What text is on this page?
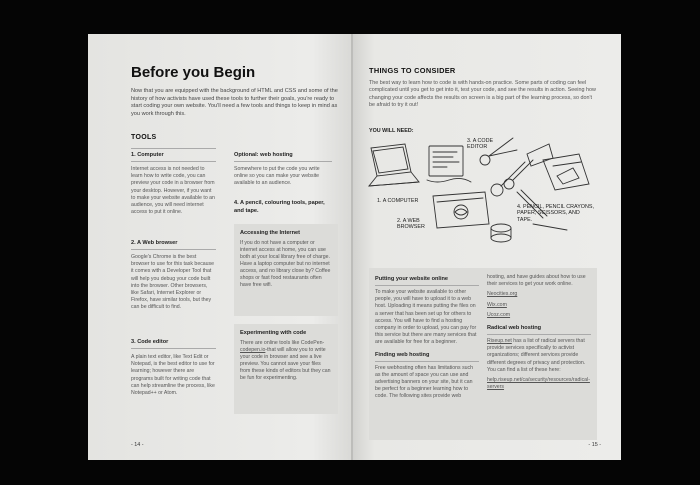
Before you Begin
Now that you are equipped with the background of HTML and CSS and some of the history of how activists have used these tools to further their goals, you're ready to start coding your own website. You'll need a few tools and things to keep in mind as you work through this.
TOOLS
1. Computer
Internet access is not needed to learn how to write code, you can preview your code in a browser from your desktop. However, if you want to make your website available to an audience, you will need internet access to put it online.
2. A Web browser
Google's Chrome is the best browser to use for this task because it comes with a Developer Tool that will help you debug your code built into the browser. Other browsers, like Safari, Internet Explorer or Firefox, have similar tools, but they can be difficult to find.
3. Code editor
A plain text editor, like Text Edit or Notepad, is the best editor to use for learning; however there are programs built for writing code that can help streamline the process, like Notepad++ or Atom.
Optional: web hosting
Somewhere to put the code you write online so you can make your website available to an audience.
4. A pencil, colouring tools, paper, and tape.
Accessing the Internet
If you do not have a computer or internet access at home, you can use both at your local library free of charge. Have a laptop computer but no internet access, and no library close by? Coffee shops or fast food restaurants often have free wifi.
Experimenting with code
There are online tools like CodePen-codepen.io-that will allow you to write your code in browser and see a live preview. You cannot save your files from these kinds of editors but they can be fun for experimenting.
- 14 -
THINGS TO CONSIDER
The best way to learn how to code is with hands-on practice. Some parts of coding can feel complicated until you get to get into it, test your code, and see the results in action. Seeing how changing your code affects the results on screen is a big part of the learning process, so don't be afraid to try it out!
YOU WILL NEED:
1. A COMPUTER
2. A WEB BROWSER
3. A CODE EDITOR
4. PENCIL, PENCIL CRAYONS, PAPER, SCISSORS, AND TAPE.
Putting your website online
To make your website available to other people, you will have to upload it to a web host. Uploading it means putting the files on a server that has been set up for others to access. You will have to find a hosting company in order to upload, you can pay for this service but there are many services that are available for free for a beginner.
Finding web hosting
Free webhosting often has limitations such as the amount of space you can use and advertising banners on your site, but it can be perfect for a beginner learning how to code. The following sites provide web
hosting, and have guides about how to use their services to get your work online.
Neocities.org
Wix.com
Ucoz.com
Radical web hosting
Riseup.net has a list of radical servers that provide services specifically to activist organizations; different services provide different degrees of privacy and protection. You can find a list of these here:
help.riseup.net/ca/security/resources/radical-servers
- 15 -
